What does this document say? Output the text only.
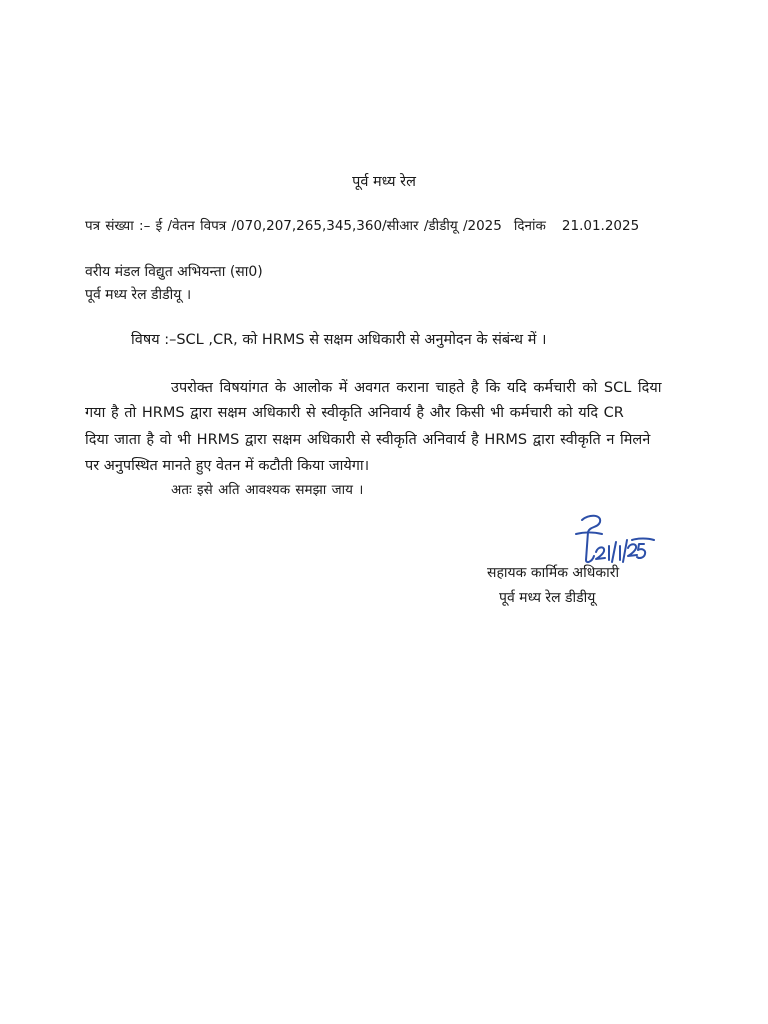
पूर्व मध्य रेल
पत्र संख्या :– ई /वेतन विपत्र /070,207,265,345,360/सीआर /डीडीयू /2025 दिनांक 21.01.2025
वरीय मंडल विद्युत अभियन्ता (सा0)
पूर्व मध्य रेल डीडीयू ।
विषय :–SCL ,CR, को HRMS से सक्षम अधिकारी से अनुमोदन के संबंन्ध में ।
उपरोक्त विषयांगत के आलोक में अवगत कराना चाहते है कि यदि कर्मचारी को SCL दिया
गया है तो HRMS द्वारा सक्षम अधिकारी से स्वीकृति अनिवार्य है और किसी भी कर्मचारी को यदि CR
दिया जाता है वो भी HRMS द्वारा सक्षम अधिकारी से स्वीकृति अनिवार्य है HRMS द्वारा स्वीकृति न मिलने
पर अनुपस्थित मानते हुए वेतन में कटौती किया जायेगा।
अतः इसे अति आवश्यक समझा जाय ।
सहायक कार्मिक अधिकारी
पूर्व मध्य रेल डीडीयू
